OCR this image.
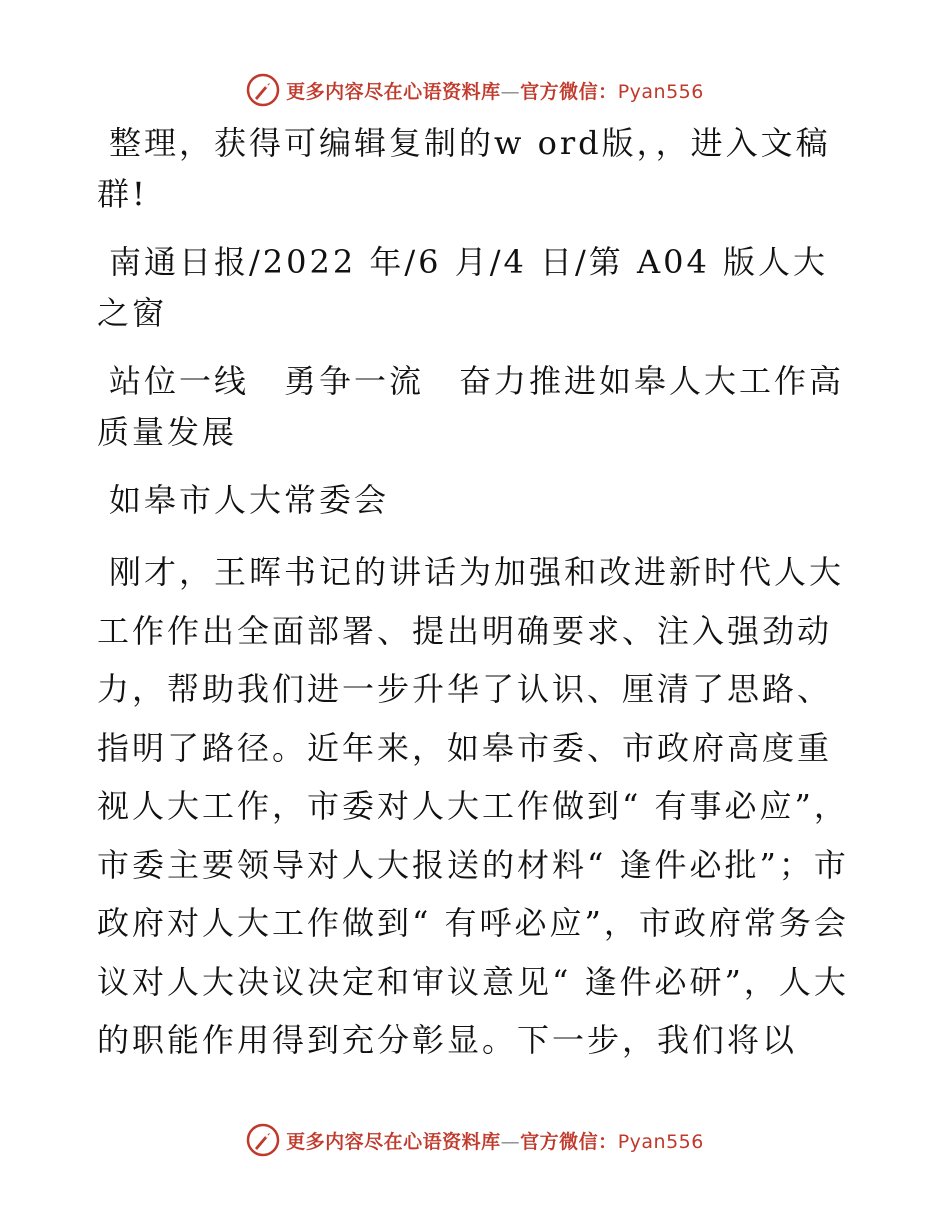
更多内容尽在心语资料库—官方微信：Pyan556

整理，获得可编辑复制的w ord版，，进入文稿群!

南通日报/2022 年/6 月/4 日/第 A04 版人大之窗

站位一线　勇争一流　奋力推进如皋人大工作高质量发展

如皋市人大常委会

刚才，王晖书记的讲话为加强和改进新时代人大工作作出全面部署、提出明确要求、注入强劲动力，帮助我们进一步升华了认识、厘清了思路、指明了路径。近年来，如皋市委、市政府高度重视人大工作，市委对人大工作做到“ 有事必应”，市委主要领导对人大报送的材料“ 逢件必批”；市政府对人大工作做到“ 有呼必应”，市政府常务会议对人大决议决定和审议意见“ 逢件必研”，人大的职能作用得到充分彰显。下一步，我们将以

更多内容尽在心语资料库—官方微信：Pyan556
